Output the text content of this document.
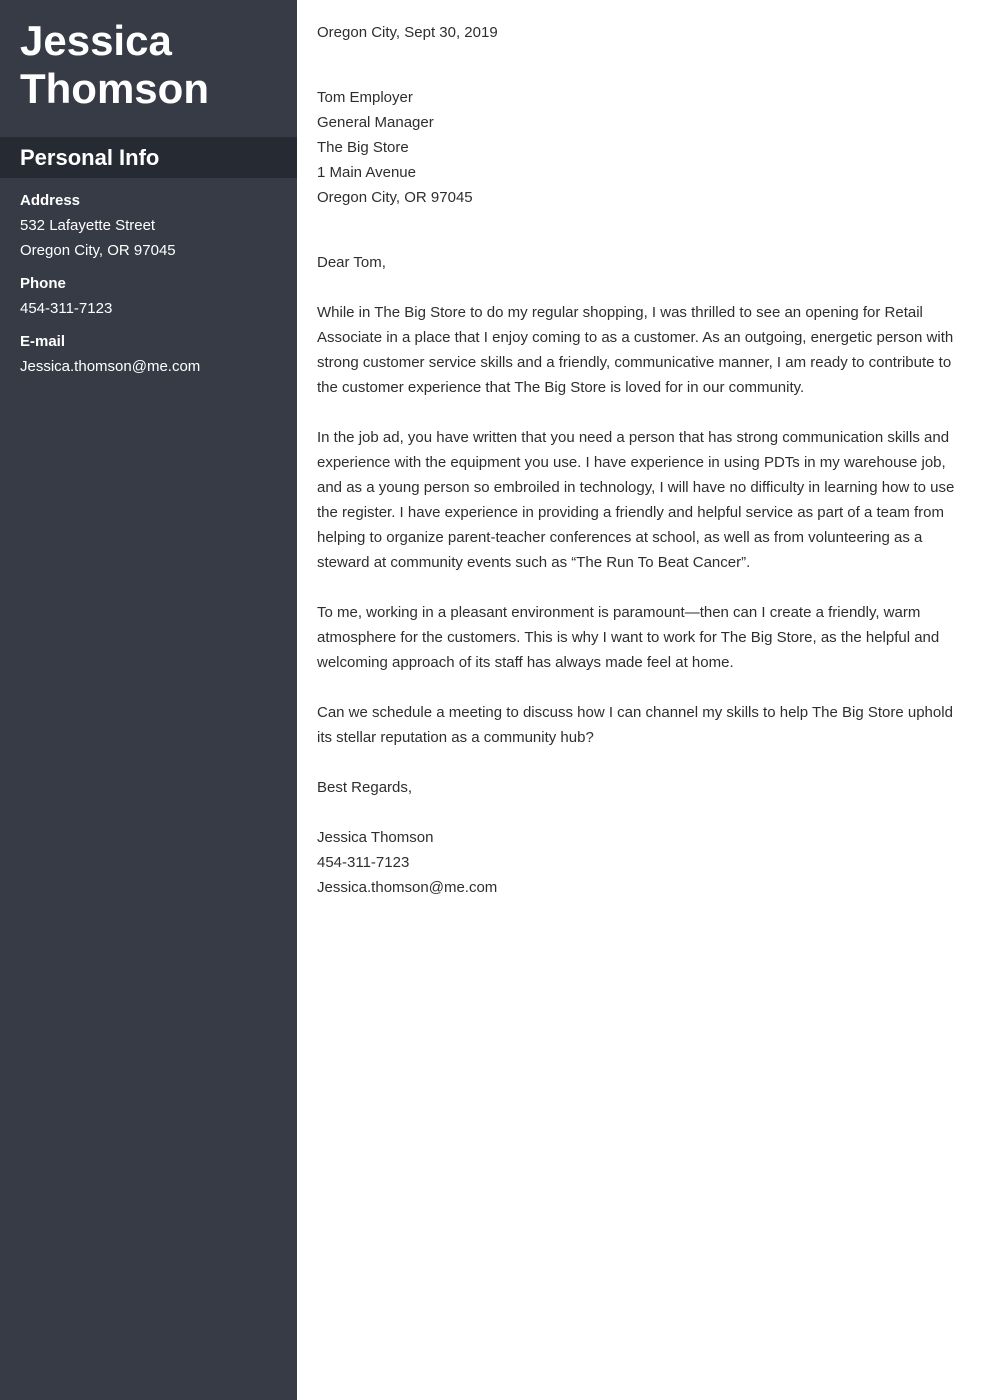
Jessica
Thomson
Personal Info
Address
532 Lafayette Street
Oregon City, OR 97045
Phone
454-311-7123
E-mail
Jessica.thomson@me.com

Oregon City, Sept 30, 2019

Tom Employer
General Manager
The Big Store
1 Main Avenue
Oregon City, OR 97045

Dear Tom,

While in The Big Store to do my regular shopping, I was thrilled to see an opening for Retail Associate in a place that I enjoy coming to as a customer. As an outgoing, energetic person with strong customer service skills and a friendly, communicative manner, I am ready to contribute to the customer experience that The Big Store is loved for in our community.

In the job ad, you have written that you need a person that has strong communication skills and experience with the equipment you use. I have experience in using PDTs in my warehouse job, and as a young person so embroiled in technology, I will have no difficulty in learning how to use the register. I have experience in providing a friendly and helpful service as part of a team from helping to organize parent-teacher conferences at school, as well as from volunteering as a steward at community events such as “The Run To Beat Cancer”.

To me, working in a pleasant environment is paramount—then can I create a friendly, warm atmosphere for the customers. This is why I want to work for The Big Store, as the helpful and welcoming approach of its staff has always made feel at home.

Can we schedule a meeting to discuss how I can channel my skills to help The Big Store uphold its stellar reputation as a community hub?

Best Regards,

Jessica Thomson
454-311-7123
Jessica.thomson@me.com
